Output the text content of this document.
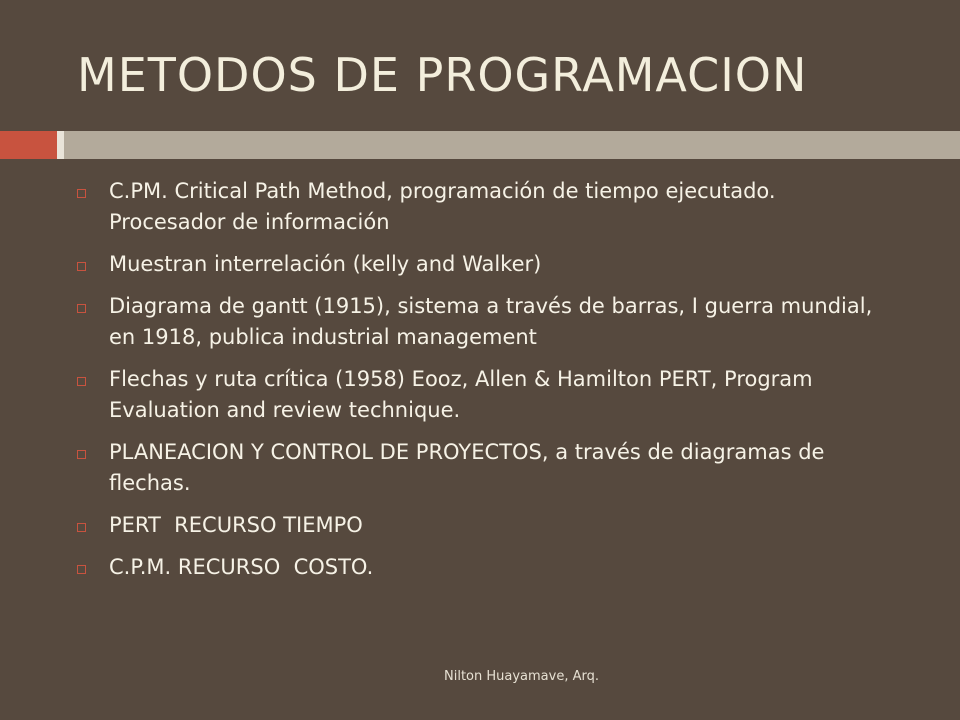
METODOS DE PROGRAMACION
C.PM. Critical Path Method, programación de tiempo ejecutado. Procesador de información
Muestran interrelación (kelly and Walker)
Diagrama de gantt (1915), sistema a través de barras, I guerra mundial, en 1918, publica industrial management
Flechas y ruta crítica (1958) Eooz, Allen & Hamilton PERT, Program Evaluation and review technique.
PLANEACION Y CONTROL DE PROYECTOS, a través de diagramas de flechas.
PERT  RECURSO TIEMPO
C.P.M. RECURSO  COSTO.
Nilton Huayamave, Arq.
